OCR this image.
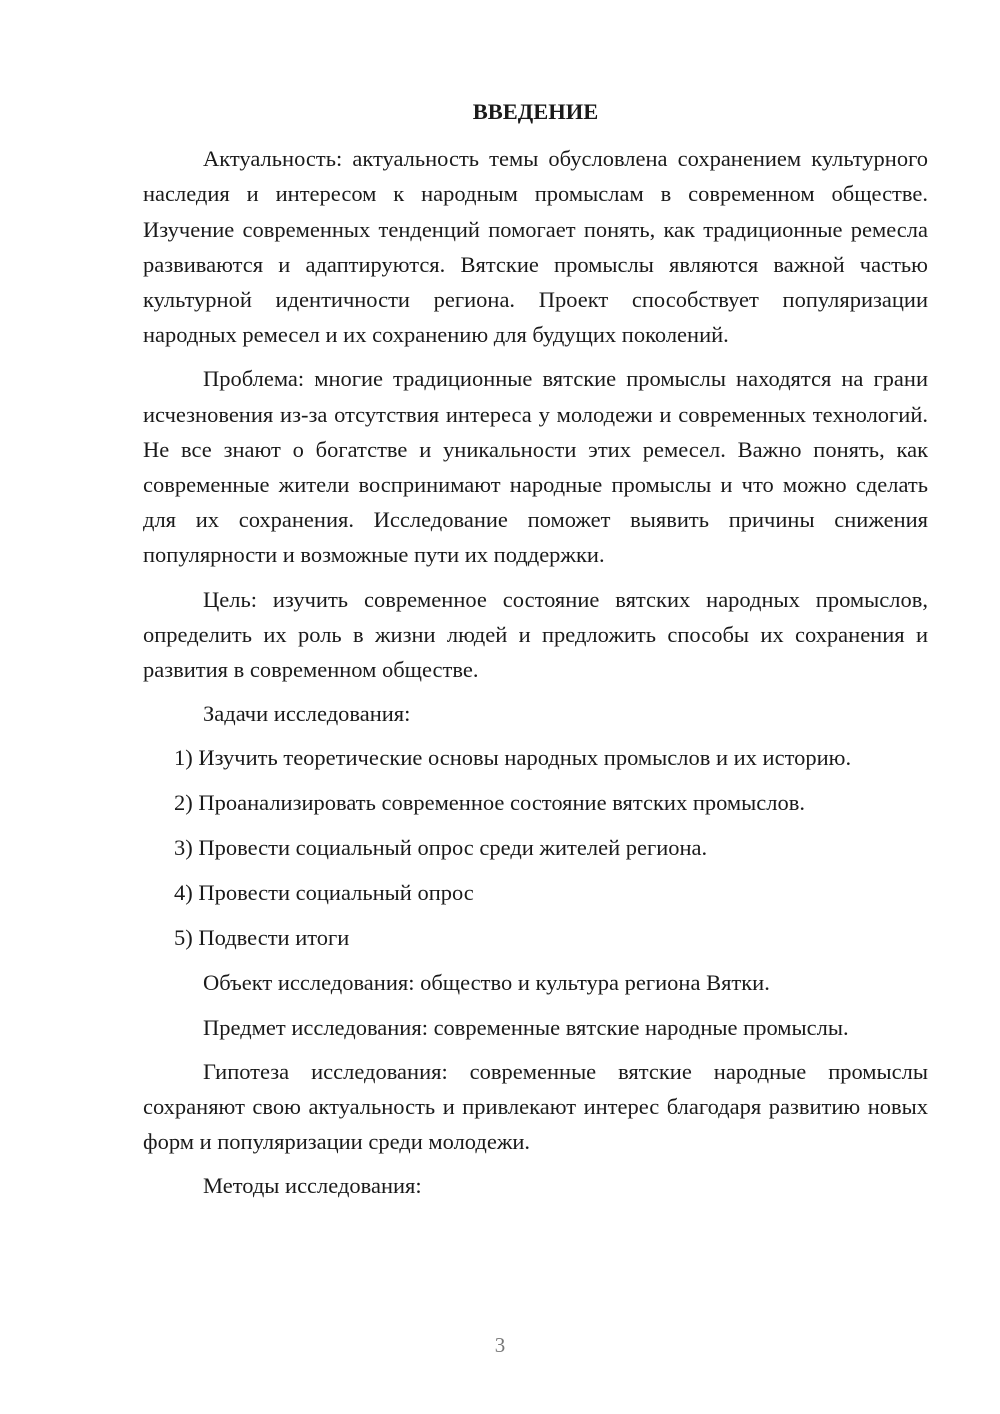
ВВЕДЕНИЕ

Актуальность: актуальность темы обусловлена сохранением культурного наследия и интересом к народным промыслам в современном обществе. Изучение современных тенденций помогает понять, как традиционные ремесла развиваются и адаптируются. Вятские промыслы являются важной частью культурной идентичности региона. Проект способствует популяризации народных ремесел и их сохранению для будущих поколений.

Проблема: многие традиционные вятские промыслы находятся на грани исчезновения из-за отсутствия интереса у молодежи и современных технологий. Не все знают о богатстве и уникальности этих ремесел. Важно понять, как современные жители воспринимают народные промыслы и что можно сделать для их сохранения. Исследование поможет выявить причины снижения популярности и возможные пути их поддержки.

Цель: изучить современное состояние вятских народных промыслов, определить их роль в жизни людей и предложить способы их сохранения и развития в современном обществе.

Задачи исследования:

1) Изучить теоретические основы народных промыслов и их историю.

2) Проанализировать современное состояние вятских промыслов.

3) Провести социальный опрос среди жителей региона.

4) Провести социальный опрос

5) Подвести итоги

Объект исследования: общество и культура региона Вятки.

Предмет исследования: современные вятские народные промыслы.

Гипотеза исследования: современные вятские народные промыслы сохраняют свою актуальность и привлекают интерес благодаря развитию новых форм и популяризации среди молодежи.

Методы исследования:

3
